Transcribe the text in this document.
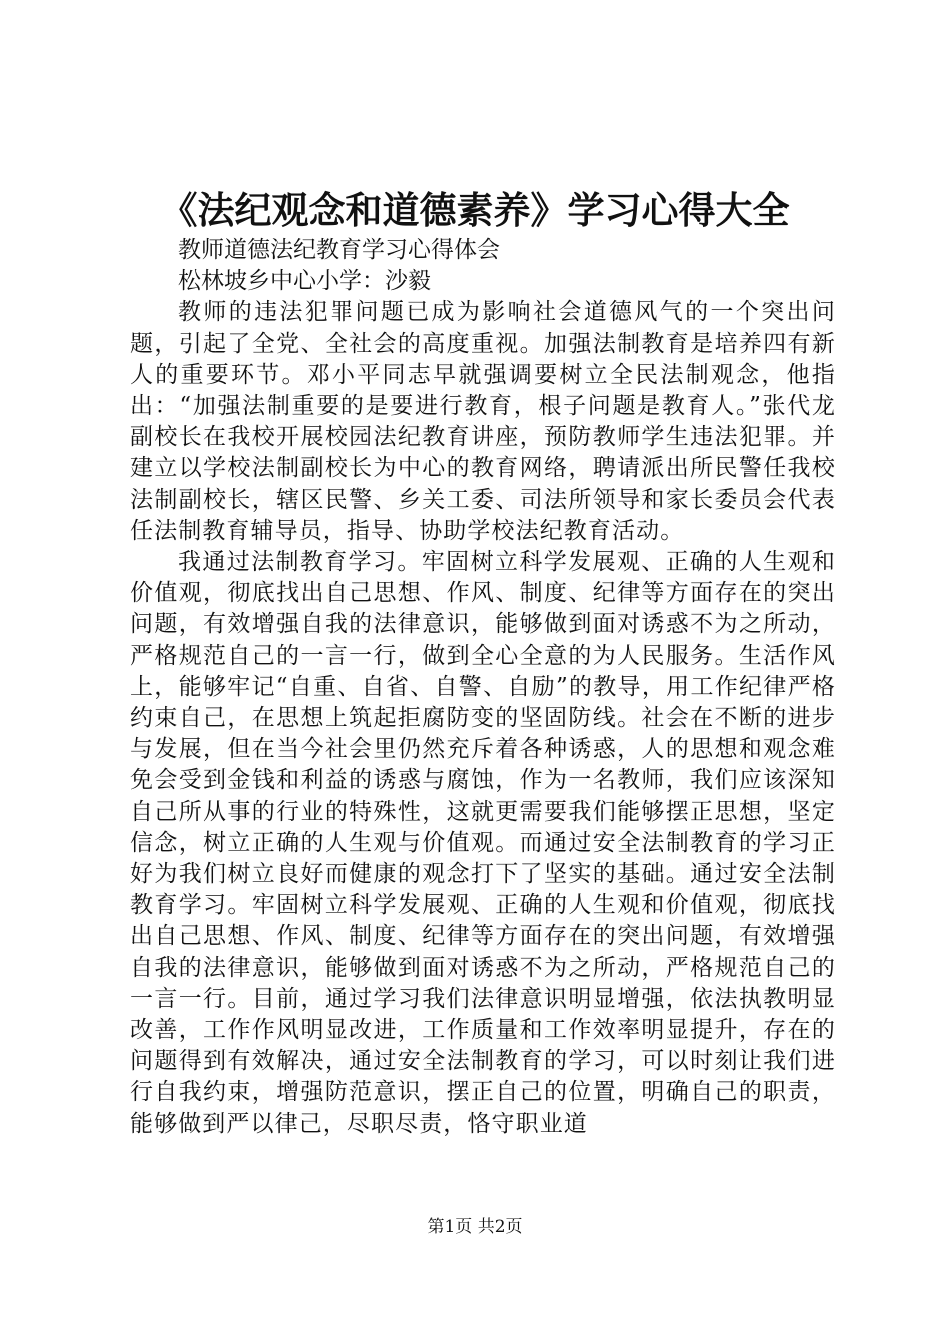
《法纪观念和道德素养》学习心得大全
教师道德法纪教育学习心得体会
松林坡乡中心小学：沙毅

教师的违法犯罪问题已成为影响社会道德风气的一个突出问题，引起了全党、全社会的高度重视。加强法制教育是培养四有新人的重要环节。邓小平同志早就强调要树立全民法制观念，他指出：“加强法制重要的是要进行教育，根子问题是教育人。”张代龙副校长在我校开展校园法纪教育讲座，预防教师学生违法犯罪。并建立以学校法制副校长为中心的教育网络，聘请派出所民警任我校法制副校长，辖区民警、乡关工委、司法所领导和家长委员会代表任法制教育辅导员，指导、协助学校法纪教育活动。

我通过法制教育学习。牢固树立科学发展观、正确的人生观和价值观，彻底找出自己思想、作风、制度、纪律等方面存在的突出问题，有效增强自我的法律意识，能够做到面对诱惑不为之所动，严格规范自己的一言一行，做到全心全意的为人民服务。生活作风上，能够牢记“自重、自省、自警、自励”的教导，用工作纪律严格约束自己，在思想上筑起拒腐防变的坚固防线。社会在不断的进步与发展，但在当今社会里仍然充斥着各种诱惑，人的思想和观念难免会受到金钱和利益的诱惑与腐蚀，作为一名教师，我们应该深知自己所从事的行业的特殊性，这就更需要我们能够摆正思想，坚定信念，树立正确的人生观与价值观。而通过安全法制教育的学习正好为我们树立良好而健康的观念打下了坚实的基础。通过安全法制教育学习。牢固树立科学发展观、正确的人生观和价值观，彻底找出自己思想、作风、制度、纪律等方面存在的突出问题，有效增强自我的法律意识，能够做到面对诱惑不为之所动，严格规范自己的一言一行。目前，通过学习我们法律意识明显增强，依法执教明显改善，工作作风明显改进，工作质量和工作效率明显提升，存在的问题得到有效解决，通过安全法制教育的学习，可以时刻让我们进行自我约束，增强防范意识，摆正自己的位置，明确自己的职责，能够做到严以律己，尽职尽责，恪守职业道

第1页 共2页
